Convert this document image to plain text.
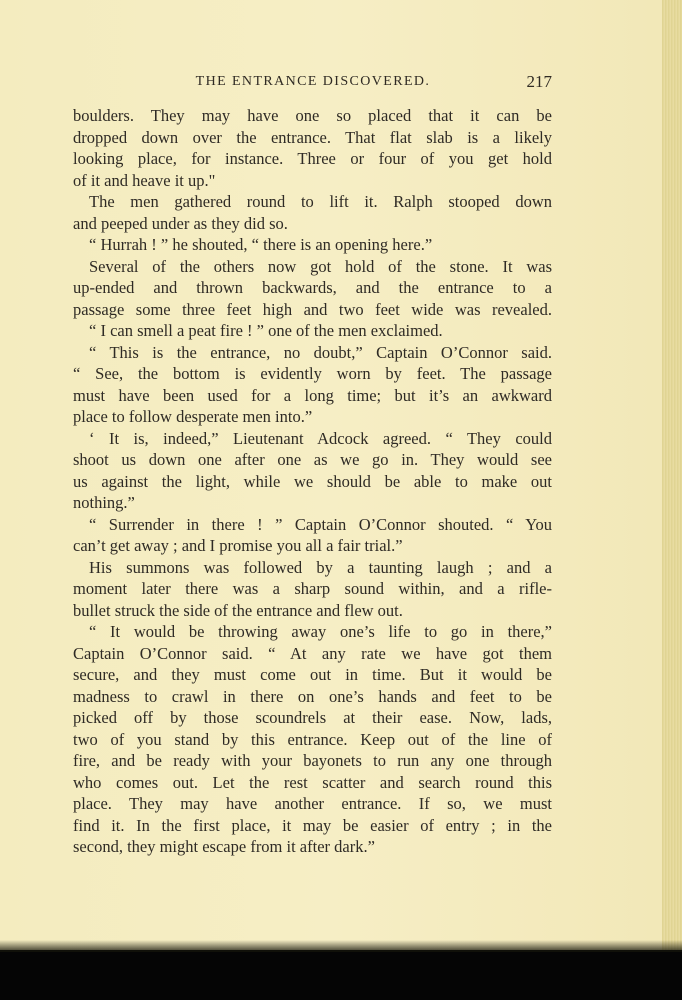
THE ENTRANCE DISCOVERED.	217
boulders. They may have one so placed that it can be
dropped down over the entrance. That flat slab is a likely
looking place, for instance. Three or four of you get hold
of it and heave it up."
The men gathered round to lift it. Ralph stooped down
and peeped under as they did so.
“ Hurrah ! ” he shouted, “ there is an opening here.”
Several of the others now got hold of the stone. It was
up-ended and thrown backwards, and the entrance to a
passage some three feet high and two feet wide was revealed.
“ I can smell a peat fire ! ” one of the men exclaimed.
“ This is the entrance, no doubt,” Captain O’Connor said.
“ See, the bottom is evidently worn by feet. The passage
must have been used for a long time; but it’s an awkward
place to follow desperate men into.”
‘ It is, indeed,” Lieutenant Adcock agreed. “ They could
shoot us down one after one as we go in. They would see
us against the light, while we should be able to make out
nothing.”
“ Surrender in there ! ” Captain O’Connor shouted. “ You
can’t get away ; and I promise you all a fair trial.”
His summons was followed by a taunting laugh ; and a
moment later there was a sharp sound within, and a rifle-
bullet struck the side of the entrance and flew out.
“ It would be throwing away one’s life to go in there,”
Captain O’Connor said. “ At any rate we have got them
secure, and they must come out in time. But it would be
madness to crawl in there on one’s hands and feet to be
picked off by those scoundrels at their ease. Now, lads,
two of you stand by this entrance. Keep out of the line of
fire, and be ready with your bayonets to run any one through
who comes out. Let the rest scatter and search round this
place. They may have another entrance. If so, we must
find it. In the first place, it may be easier of entry ; in the
second, they might escape from it after dark.”
